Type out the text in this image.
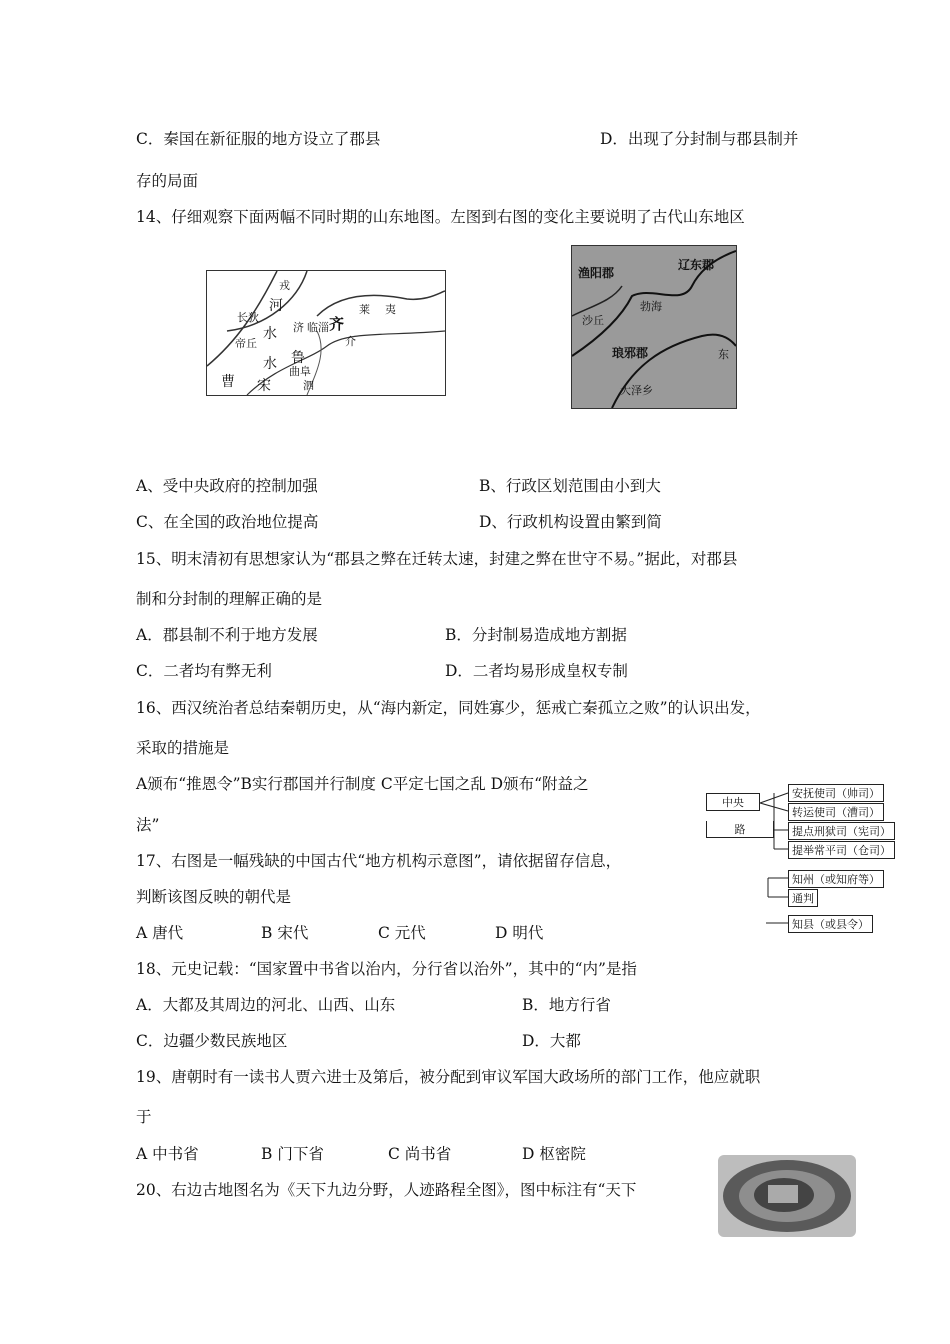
C．秦国在新征服的地方设立了郡县	D．出现了分封制与郡县制并
存的局面
14、仔细观察下面两幅不同时期的山东地图。左图到右图的变化主要说明了古代山东地区
戎
河
长狄
莱 夷
水 济 临淄 齐
帝丘	介
鲁
曲阜
水
曹 宋	泗
渔阳郡
辽东郡
勃海
沙丘
琅邪郡	东
大泽乡
A、受中央政府的控制加强	B、行政区划范围由小到大
C、在全国的政治地位提高	D、行政机构设置由繁到简
15、明末清初有思想家认为“郡县之弊在迁转太速，封建之弊在世守不易。”据此，对郡县
制和分封制的理解正确的是
A．郡县制不利于地方发展	B．分封制易造成地方割据
C．二者均有弊无利	D．二者均易形成皇权专制
16、西汉统治者总结秦朝历史，从“海内新定，同姓寡少，惩戒亡秦孤立之败”的认识出发，
采取的措施是
A颁布“推恩令”B实行郡国并行制度 C平定七国之乱 D颁布“附益之
法”
中央
路
安抚使司（帅司）
转运使司（漕司）
提点刑狱司（宪司）
提举常平司（仓司）
知州（或知府等）
通判
知县（或县令）
17、右图是一幅残缺的中国古代“地方机构示意图”，请依据留存信息，
判断该图反映的朝代是
A 唐代	B 宋代	C 元代	D 明代
18、元史记载：“国家置中书省以治内，分行省以治外”，其中的“内”是指
A．大都及其周边的河北、山西、山东	B．地方行省
C．边疆少数民族地区	D．大都
19、唐朝时有一读书人贾六进士及第后，被分配到审议军国大政场所的部门工作，他应就职
于
A 中书省	B 门下省	C 尚书省	D 枢密院
20、右边古地图名为《天下九边分野，人迹路程全图》，图中标注有“天下
